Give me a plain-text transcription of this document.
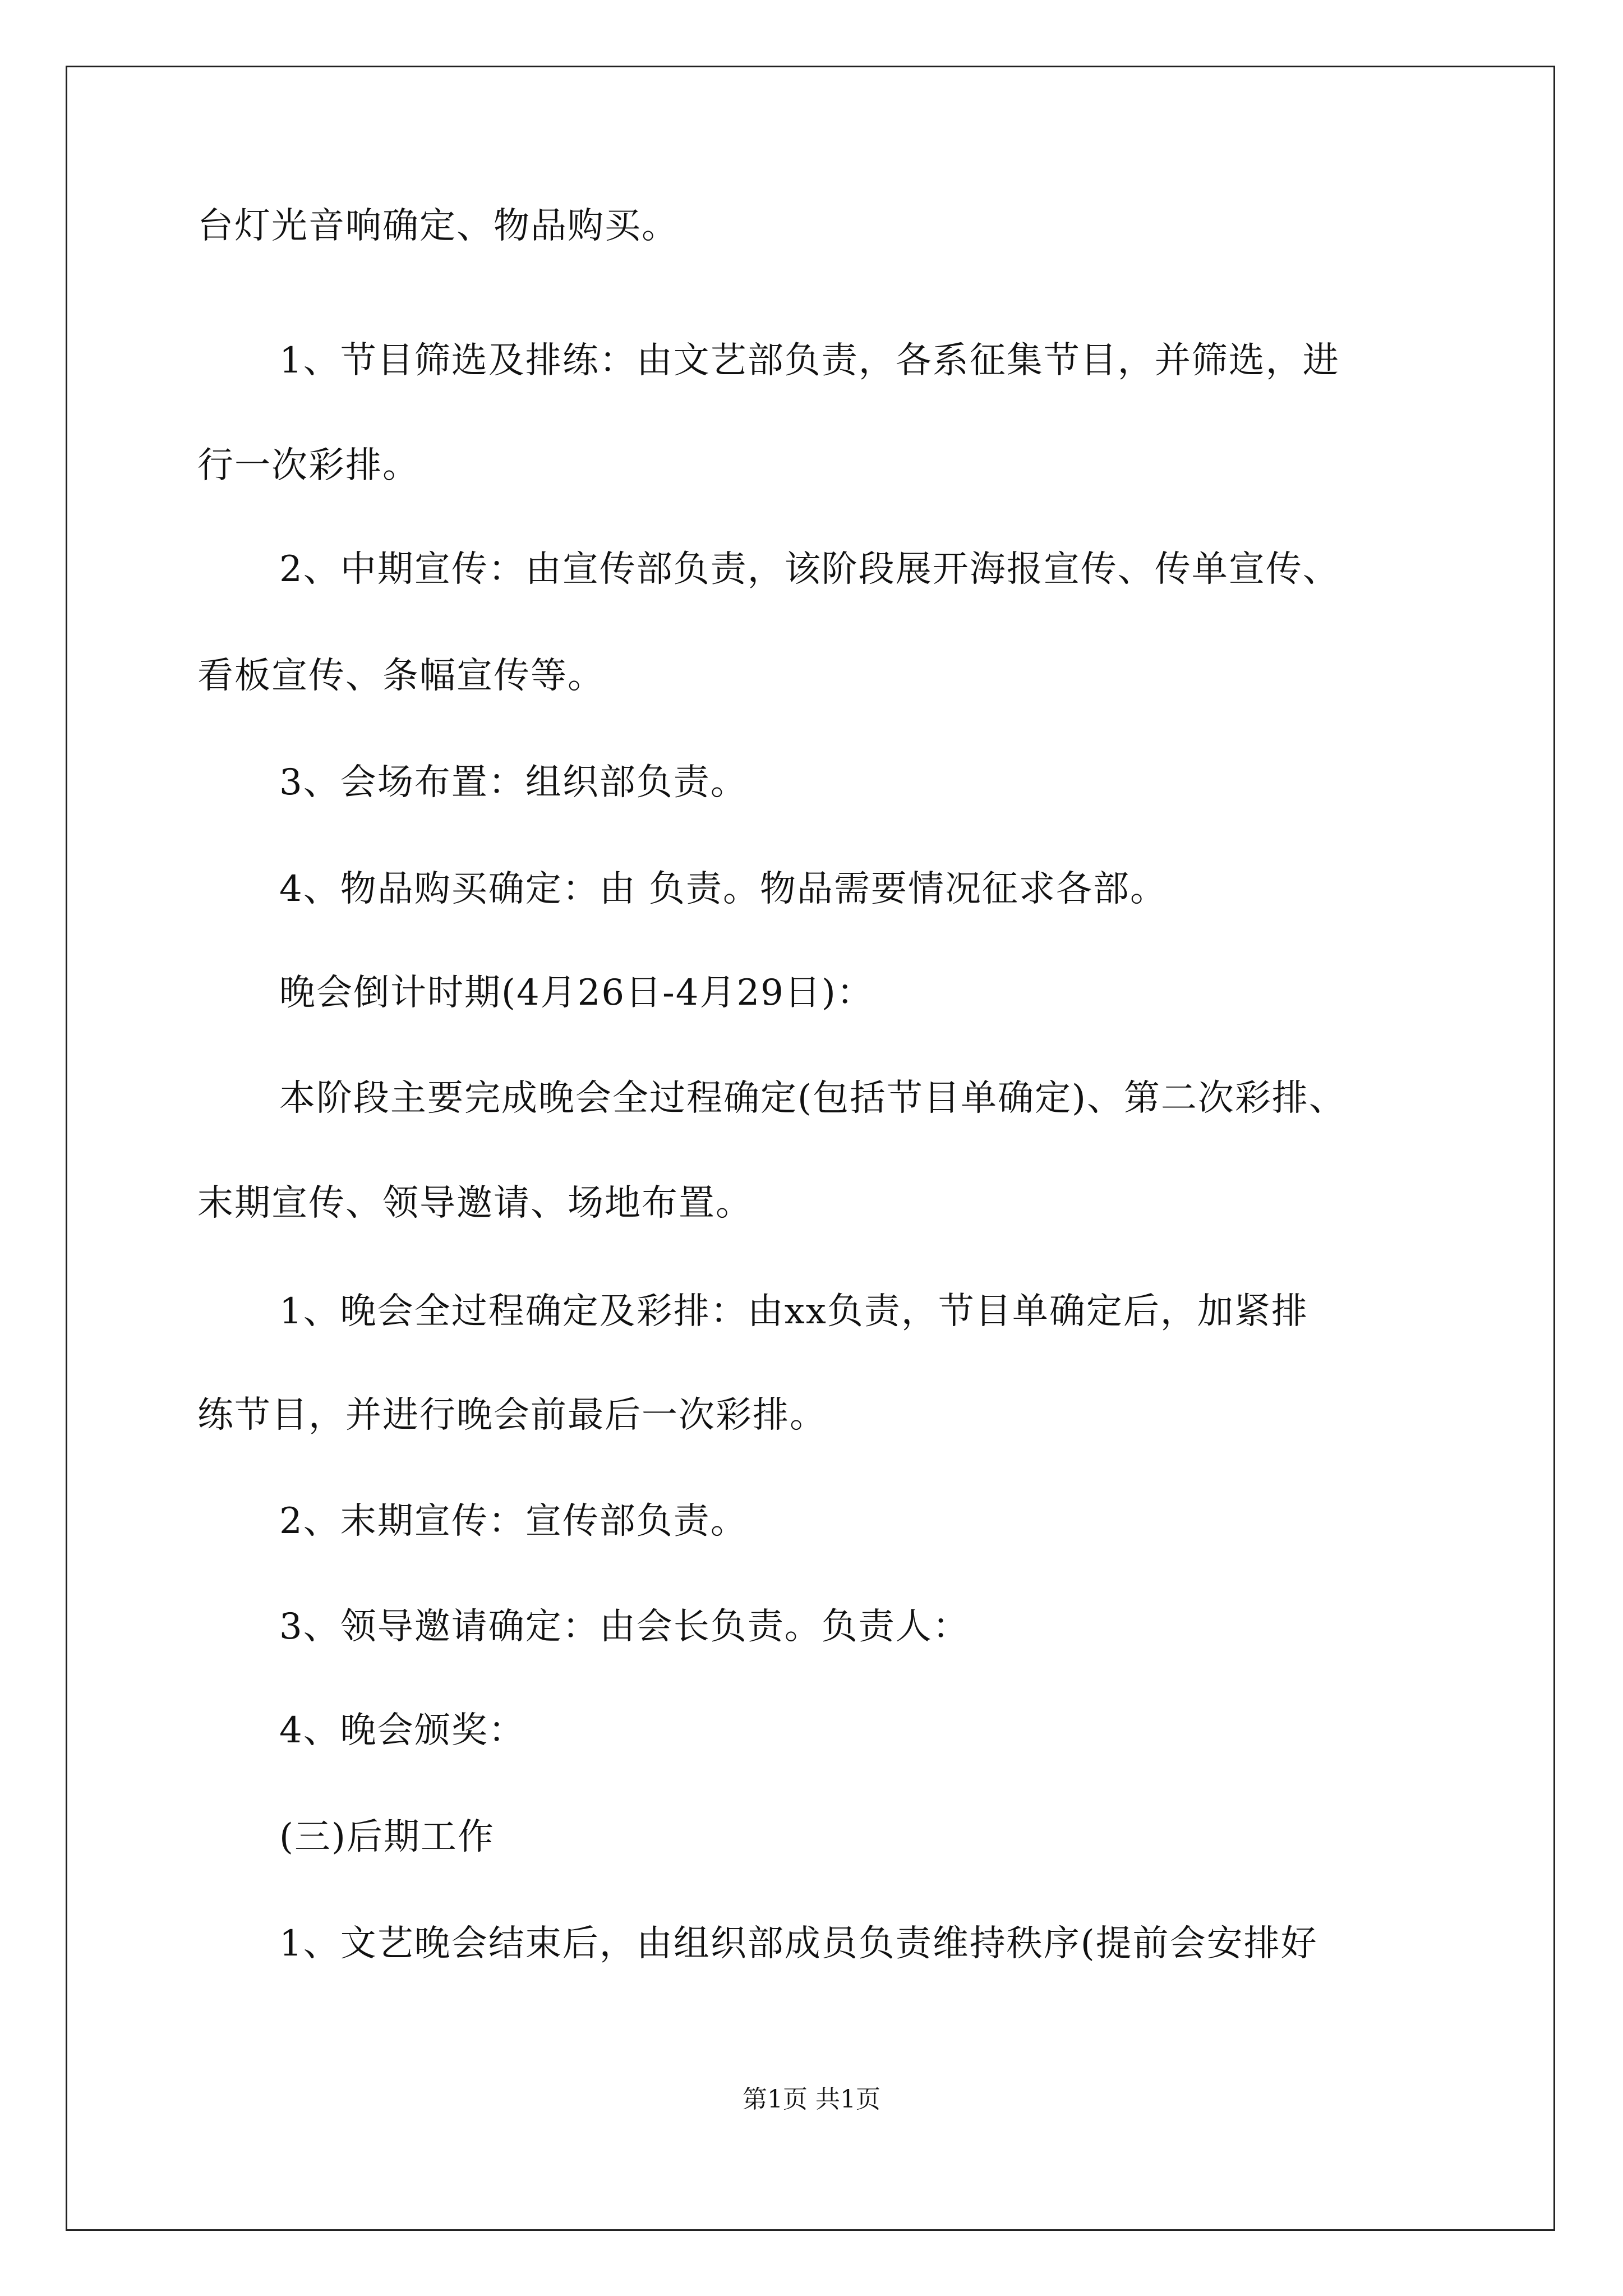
台灯光音响确定、物品购买。
1、节目筛选及排练：由文艺部负责，各系征集节目，并筛选，进
行一次彩排。
2、中期宣传：由宣传部负责，该阶段展开海报宣传、传单宣传、
看板宣传、条幅宣传等。
3、会场布置：组织部负责。
4、物品购买确定：由 负责。物品需要情况征求各部。
晚会倒计时期(4月26日-4月29日)：
本阶段主要完成晚会全过程确定(包括节目单确定)、第二次彩排、
末期宣传、领导邀请、场地布置。
1、晚会全过程确定及彩排：由xx负责，节目单确定后，加紧排
练节目，并进行晚会前最后一次彩排。
2、末期宣传：宣传部负责。
3、领导邀请确定：由会长负责。负责人：
4、晚会颁奖：
(三)后期工作
1、文艺晚会结束后，由组织部成员负责维持秩序(提前会安排好
第1页 共1页
